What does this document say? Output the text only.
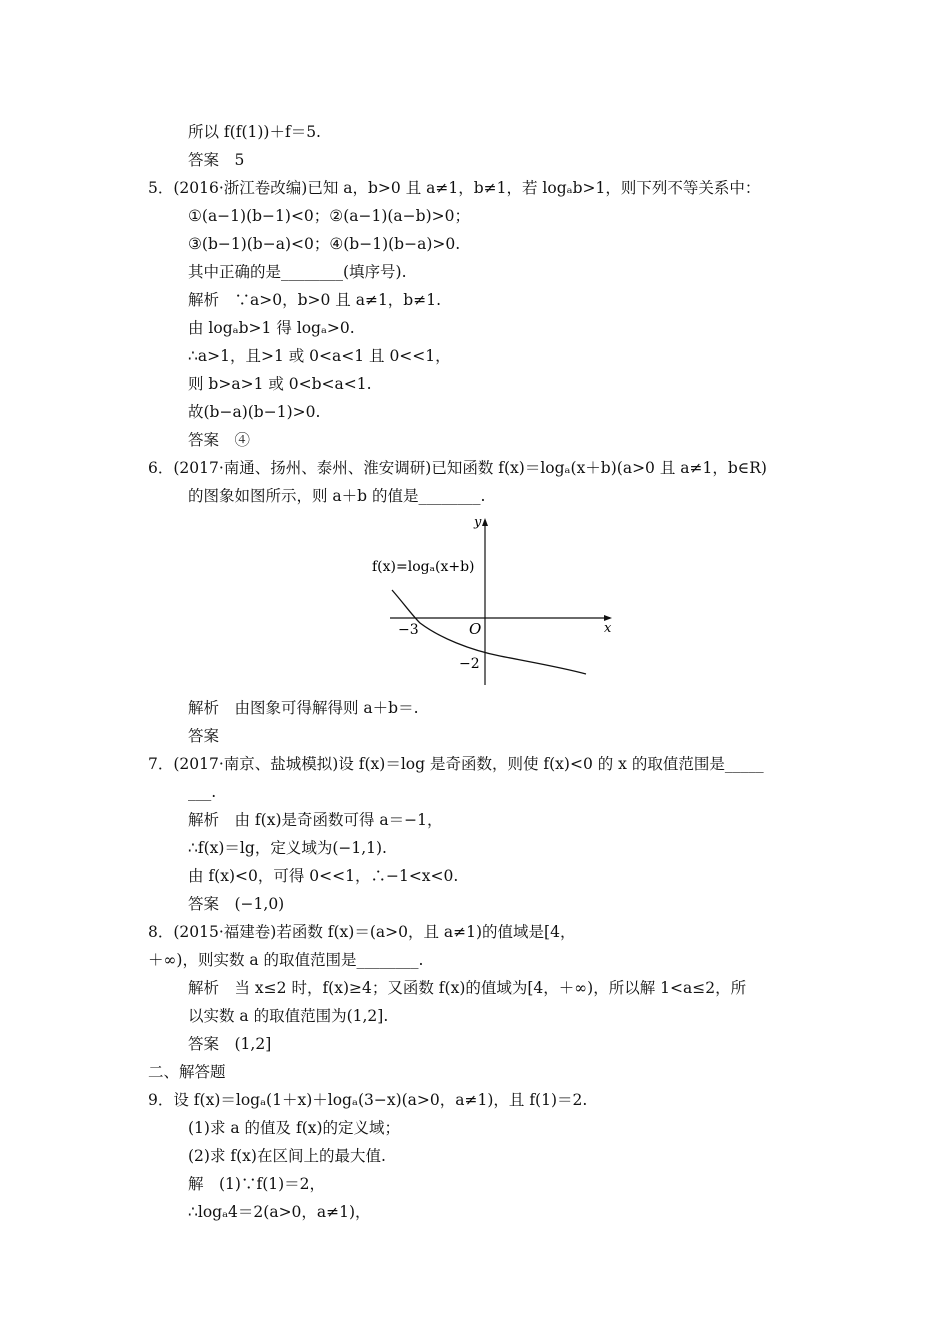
所以 f(f(1))＋f＝5.
答案　5
5．(2016·浙江卷改编)已知 a，b>0 且 a≠1，b≠1，若 logₐb>1，则下列不等关系中：
①(a−1)(b−1)<0；②(a−1)(a−b)>0；
③(b−1)(b−a)<0；④(b−1)(b−a)>0.
其中正确的是________(填序号).
解析　∵a>0，b>0 且 a≠1，b≠1.
由 logₐb>1 得 logₐ>0.
∴a>1，且>1 或 0<a<1 且 0<<1，
则 b>a>1 或 0<b<a<1.
故(b−a)(b−1)>0.
答案　④
6．(2017·南通、扬州、泰州、淮安调研)已知函数 f(x)＝logₐ(x＋b)(a>0 且 a≠1，b∈R)
的图象如图所示，则 a＋b 的值是________.
解析　由图象可得解得则 a＋b＝.
答案
7．(2017·南京、盐城模拟)设 f(x)＝log 是奇函数，则使 f(x)<0 的 x 的取值范围是_____
___.
解析　由 f(x)是奇函数可得 a＝−1，
∴f(x)＝lg，定义域为(−1,1).
由 f(x)<0，可得 0<<1，∴−1<x<0.
答案　(−1,0)
8．(2015·福建卷)若函数 f(x)＝(a>0，且 a≠1)的值域是[4，
＋∞)，则实数 a 的取值范围是________.
解析　当 x≤2 时，f(x)≥4；又函数 f(x)的值域为[4，＋∞)，所以解 1<a≤2，所
以实数 a 的取值范围为(1,2].
答案　(1,2]
二、解答题
9．设 f(x)＝logₐ(1＋x)＋logₐ(3−x)(a>0，a≠1)，且 f(1)＝2.
(1)求 a 的值及 f(x)的定义域；
(2)求 f(x)在区间上的最大值.
解　(1)∵f(1)＝2，
∴logₐ4＝2(a>0，a≠1)，
y
x
O
−3
−2
f(x)=logₐ(x+b)
